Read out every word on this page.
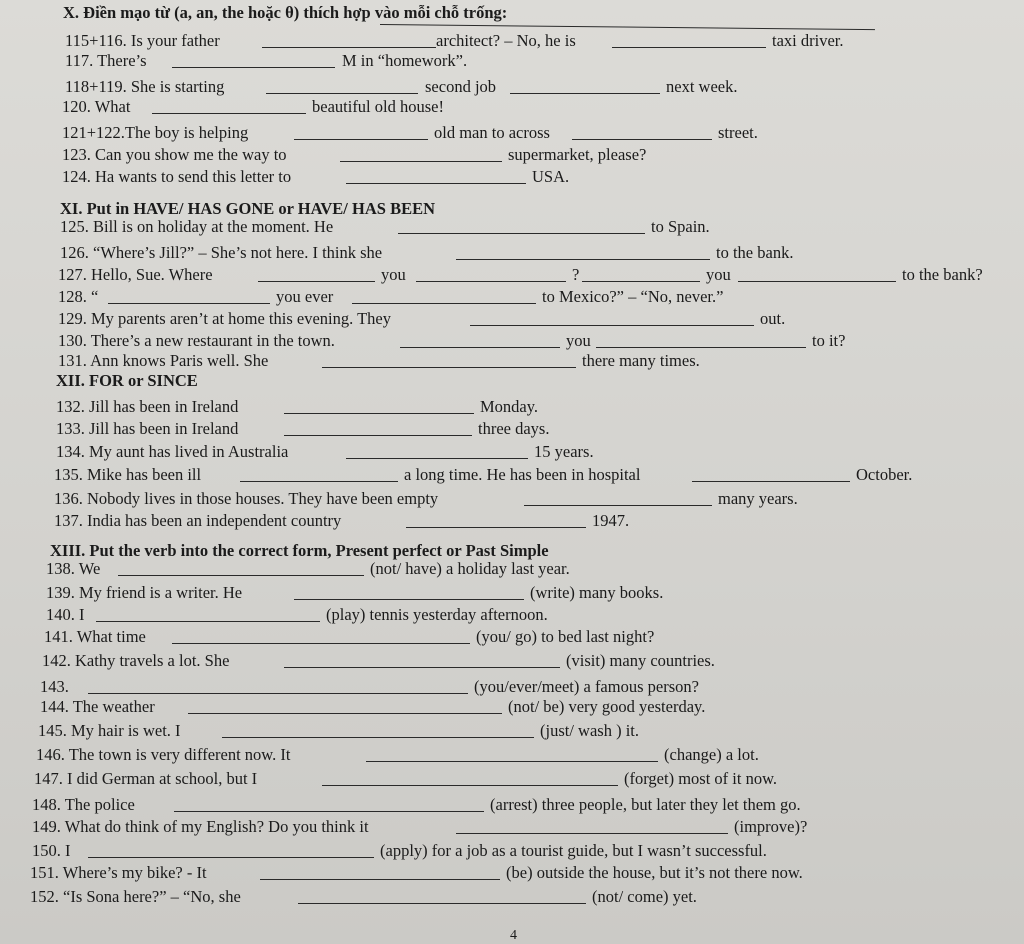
X. Điền mạo từ (a, an, the hoặc θ) thích hợp vào mỗi chỗ trống:
115+116. Is your father	architect? – No, he is	taxi driver.
117. There’s	M in “homework”.
118+119. She is starting	second job	next week.
120. What	beautiful old house!
121+122.The boy is helping	old man to across	street.
123. Can you show me the way to	supermarket, please?
124. Ha wants to send this letter to	USA.
XI. Put in HAVE/ HAS GONE or HAVE/ HAS BEEN
125. Bill is on holiday at the moment. He	to Spain.
126. “Where’s Jill?” – She’s not here. I think she	to the bank.
127. Hello, Sue. Where	you	?	you	to the bank?
128. “	you ever	to Mexico?” – “No, never.”
129. My parents aren’t at home this evening. They	out.
130. There’s a new restaurant in the town.	you	to it?
131. Ann knows Paris well. She	there many times.
XII. FOR or SINCE
132. Jill has been in Ireland	Monday.
133. Jill has been in Ireland	three days.
134. My aunt has lived in Australia	15 years.
135. Mike has been ill	a long time. He has been in hospital	October.
136. Nobody lives in those houses. They have been empty	many years.
137. India has been an independent country	1947.
XIII. Put the verb into the correct form, Present perfect or Past Simple
138. We	(not/ have) a holiday last year.
139. My friend is a writer. He	(write) many books.
140. I	(play) tennis yesterday afternoon.
141. What time	(you/ go) to bed last night?
142. Kathy travels a lot. She	(visit) many countries.
143.	(you/ever/meet) a famous person?
144. The weather	(not/ be) very good yesterday.
145. My hair is wet. I	(just/ wash ) it.
146. The town is very different now. It	(change) a lot.
147. I did German at school, but I	(forget) most of it now.
148. The police	(arrest) three people, but later they let them go.
149. What do think of my English? Do you think it	(improve)?
150. I	(apply) for a job as a tourist guide, but I wasn’t successful.
151. Where’s my bike? - It	(be) outside the house, but it’s not there now.
152. “Is Sona here?” – “No, she	(not/ come) yet.
4
